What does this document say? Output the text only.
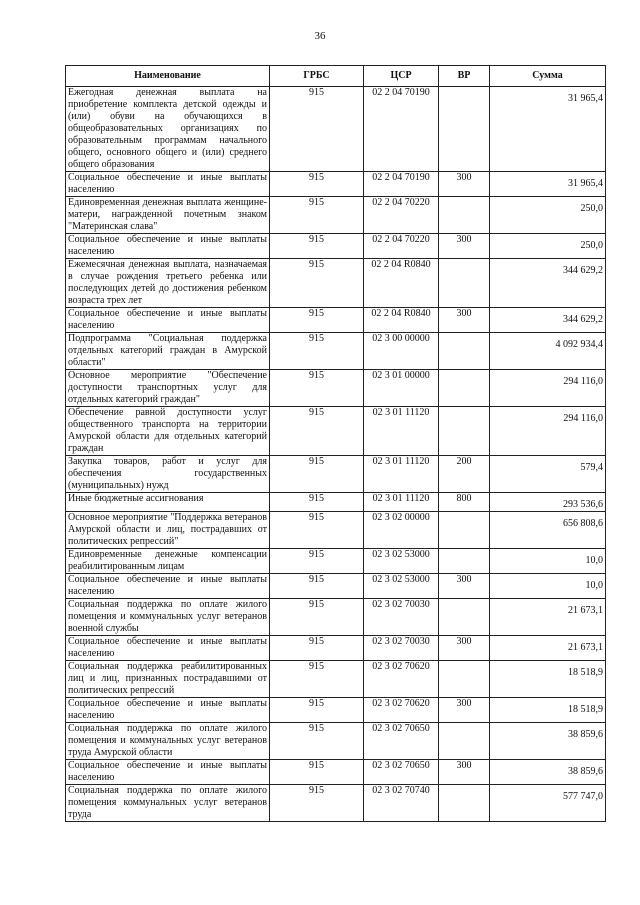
36
Наименование	ГРБС	ЦСР	ВР	Сумма
Ежегодная денежная выплата на приобретение комплекта детской одежды и (или) обуви на обучающихся в общеобразовательных организациях по образовательным программам начального общего, основного общего и (или) среднего общего образования	915	02 2 04 70190		31 965,4
Социальное обеспечение и иные выплаты населению	915	02 2 04 70190	300	31 965,4
Единовременная денежная выплата женщине-матери, награжденной почетным знаком "Материнская слава"	915	02 2 04 70220		250,0
Социальное обеспечение и иные выплаты населению	915	02 2 04 70220	300	250,0
Ежемесячная денежная выплата, назначаемая в случае рождения третьего ребенка или последующих детей до достижения ребенком возраста трех лет	915	02 2 04 R0840		344 629,2
Социальное обеспечение и иные выплаты населению	915	02 2 04 R0840	300	344 629,2
Подпрограмма "Социальная поддержка отдельных категорий граждан в Амурской области"	915	02 3 00 00000		4 092 934,4
Основное мероприятие "Обеспечение доступности транспортных услуг для отдельных категорий граждан"	915	02 3 01 00000		294 116,0
Обеспечение равной доступности услуг общественного транспорта на территории Амурской области для отдельных категорий граждан	915	02 3 01 11120		294 116,0
Закупка товаров, работ и услуг для обеспечения государственных (муниципальных) нужд	915	02 3 01 11120	200	579,4
Иные бюджетные ассигнования	915	02 3 01 11120	800	293 536,6
Основное мероприятие "Поддержка ветеранов Амурской области и лиц, пострадавших от политических репрессий"	915	02 3 02 00000		656 808,6
Единовременные денежные компенсации реабилитированным лицам	915	02 3 02 53000		10,0
Социальное обеспечение и иные выплаты населению	915	02 3 02 53000	300	10,0
Социальная поддержка по оплате жилого помещения и коммунальных услуг ветеранов военной службы	915	02 3 02 70030		21 673,1
Социальное обеспечение и иные выплаты населению	915	02 3 02 70030	300	21 673,1
Социальная поддержка реабилитированных лиц и лиц, признанных пострадавшими от политических репрессий	915	02 3 02 70620		18 518,9
Социальное обеспечение и иные выплаты населению	915	02 3 02 70620	300	18 518,9
Социальная поддержка по оплате жилого помещения и коммунальных услуг ветеранов труда Амурской области	915	02 3 02 70650		38 859,6
Социальное обеспечение и иные выплаты населению	915	02 3 02 70650	300	38 859,6
Социальная поддержка по оплате жилого помещения коммунальных услуг ветеранов труда	915	02 3 02 70740		577 747,0
